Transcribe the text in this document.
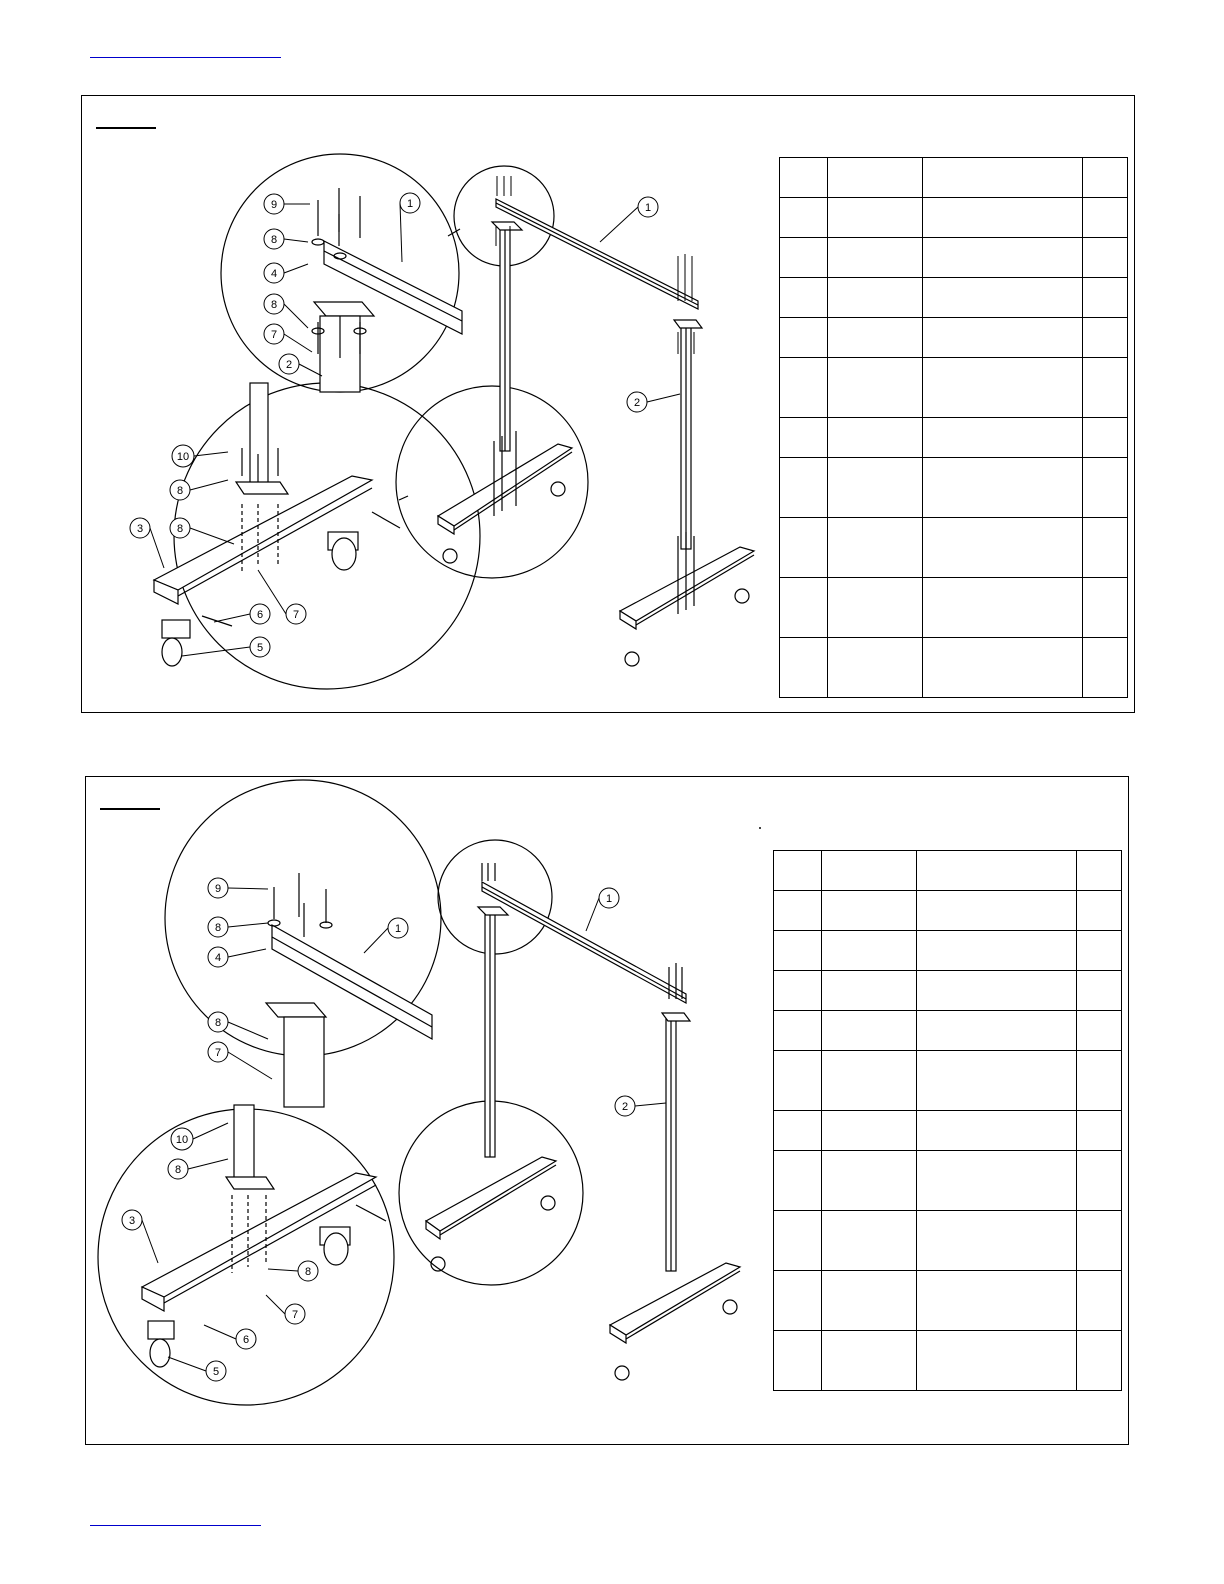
9
8
4
8
7
2
1
10
8
3	8
6	7
5
1
2

9
8
4
8
7
1
10
8
3
8
6
7
5
1
2
